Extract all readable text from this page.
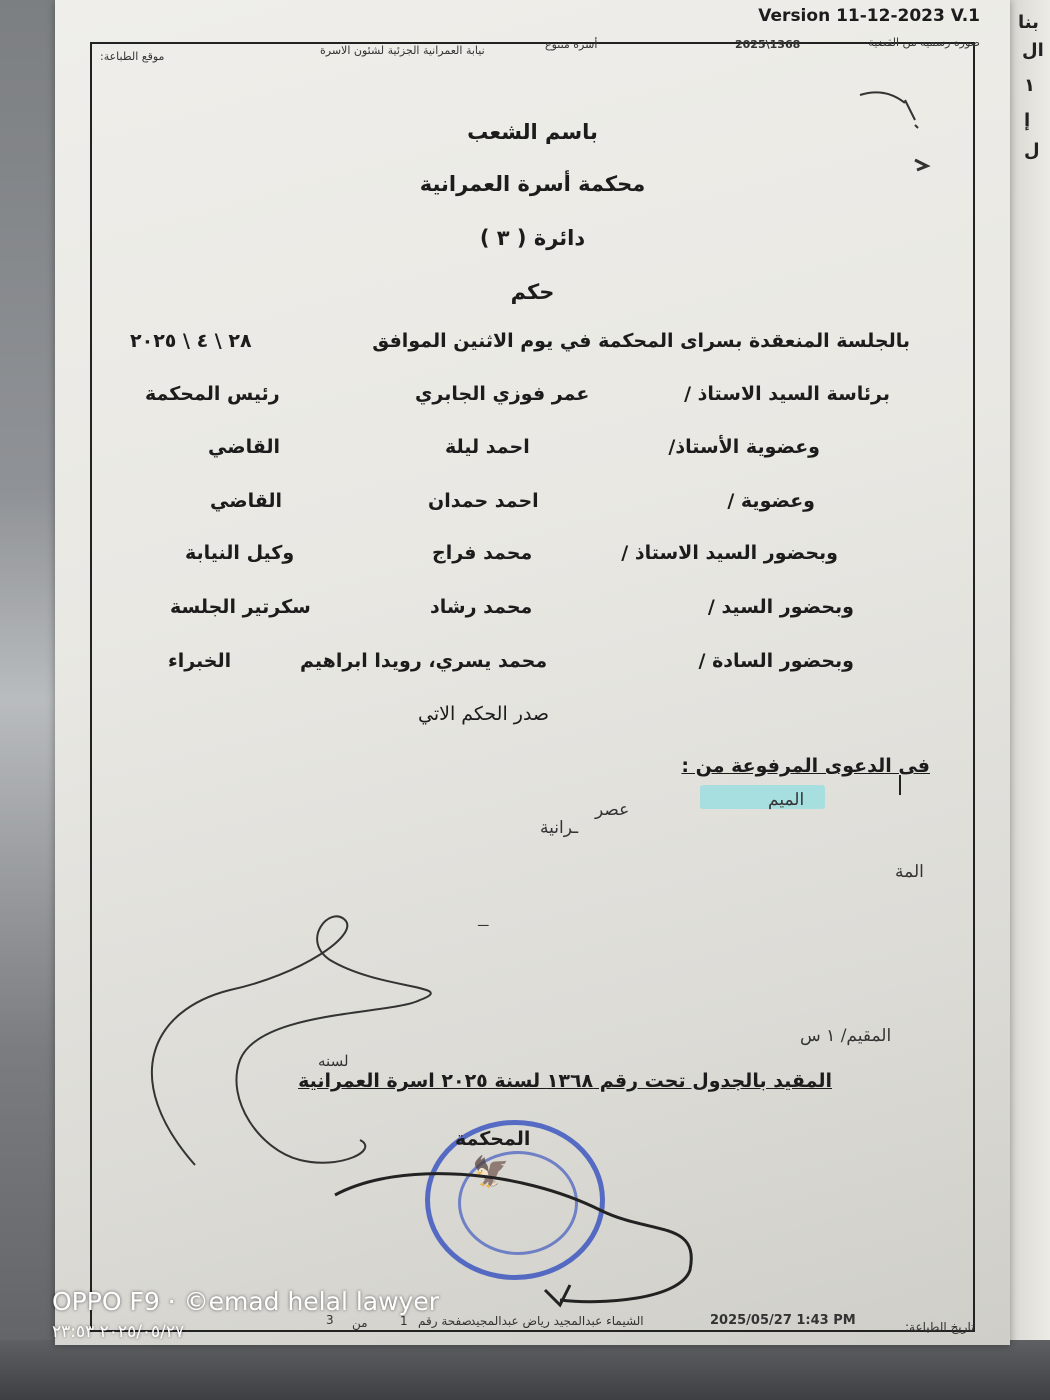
بنا
ال
١
إ
ل
Version 11-12-2023 V.1
صوره رسميه من القضية
2025\1368
أسرة متنوع
نيابة العمرانية الجزئية لشئون الاسرة
موقع الطباعة:
باسم الشعب
محكمة أسرة العمرانية
دائرة ( ٣ )
حكم
بالجلسة المنعقدة بسراى المحكمة في يوم الاثنين الموافق
٢٨ \ ٤ \ ٢٠٢٥
برئاسة السيد الاستاذ /
عمر فوزي الجابري
رئيس المحكمة
وعضوية الأستاذ/
احمد ليلة
القاضي
وعضوية /
احمد حمدان
القاضي
وبحضور السيد الاستاذ /
محمد فراج
وكيل النيابة
وبحضور السيد /
محمد رشاد
سكرتير الجلسة
وبحضور السادة /
محمد يسري، رويدا ابراهيم
الخبراء
صدر الحكم الاتي
فى الدعوى المرفوعة من :
الميم
عصر
ـرانية
المة
ـــ
المقيم/ ١ س
لسنه
المقيد بالجدول تحت رقم ١٣٦٨ لسنة ٢٠٢٥ اسرة العمرانية
🦅
المحكمة
تاريخ الطباعة:
2025/05/27 1:43 PM
الشيماء عبدالمجيد رياض عبدالمجيد
صفحة رقم
1
من
3
OPPO F9 · ©emad helal lawyer
٢٠٢٥/٠٥/٢٧ ٢٣:٥٣
